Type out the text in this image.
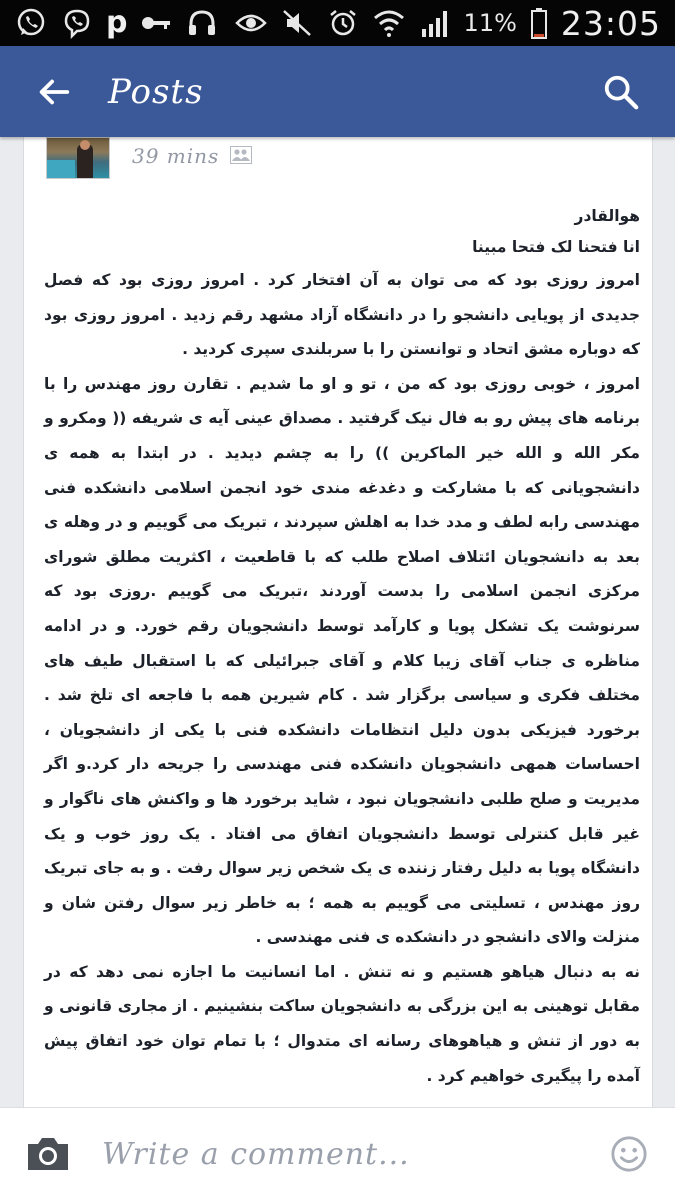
p	11% 23:05
Posts
39 mins

هوالقادر

انا فتحنا لک فتحا مبینا

امروز روزی بود که می توان به آن افتخار کرد . امروز روزی بود که فصل جدیدی از پویایی دانشجو را در دانشگاه آزاد مشهد رقم زدید . امروز روزی بود که دوباره مشق اتحاد و توانستن را با سربلندی سپری کردید .

امروز ، خوبی روزی بود که من ، تو و او ما شدیم . تقارن روز مهندس را با برنامه های پیش رو به فال نیک گرفتید . مصداق عینی آیه ی شریفه (( ومکرو و مکر الله و الله خیر الماکرین )) را به چشم دیدید . در ابتدا به همه ی دانشجویانی که با مشارکت و دغدغه مندی خود انجمن اسلامی دانشکده فنی مهندسی رابه لطف و مدد خدا به اهلش سپردند ، تبریک می گوییم و در وهله ی بعد به دانشجویان ائتلاف اصلاح طلب که با قاطعیت ، اکثریت مطلق شورای مرکزی انجمن اسلامی را بدست آوردند ،تبریک می گوییم .روزی بود که سرنوشت یک تشکل پویا و کارآمد توسط دانشجویان رقم خورد. و در ادامه مناظره ی جناب آقای زیبا کلام و آقای جبرائیلی که با استقبال طیف های مختلف فکری و سیاسی برگزار شد . کام شیرین همه با فاجعه ای تلخ شد . برخورد فیزیکی بدون دلیل انتظامات دانشکده فنی با یکی از دانشجویان ، احساسات همهی دانشجویان دانشکده فنی مهندسی را جریحه دار کرد.و اگر مدیریت و صلح طلبی دانشجویان نبود ، شاید برخورد ها و واکنش های ناگوار و غیر قابل کنترلی توسط دانشجویان اتفاق می افتاد . یک روز خوب و یک دانشگاه پویا به دلیل رفتار زننده ی یک شخص زیر سوال رفت . و به جای تبریک روز مهندس ، تسلیتی می گوییم به همه ؛ به خاطر زیر سوال رفتن شان و منزلت والای دانشجو در دانشکده ی فنی مهندسی .

نه به دنبال هیاهو هستیم و نه تنش . اما انسانیت ما اجازه نمی دهد که در مقابل توهینی به این بزرگی به دانشجویان ساکت بنشینیم . از مجاری قانونی و به دور از تنش و هیاهوهای رسانه ای متدوال ؛ با تمام توان خود اتفاق پیش آمده را پیگیری خواهیم کرد .

Write a comment...
